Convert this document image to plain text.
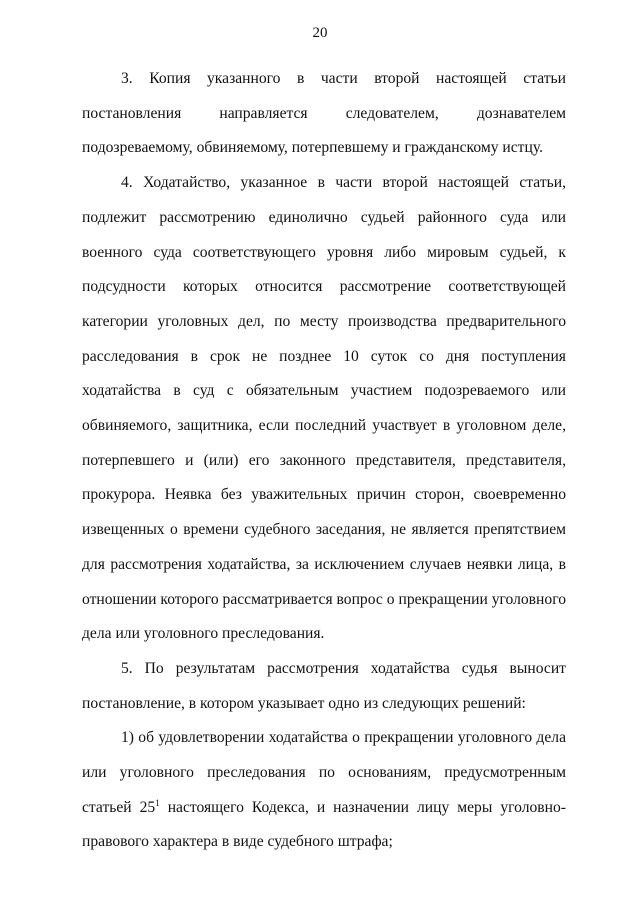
20

3. Копия указанного в части второй настоящей статьи постановления направляется следователем, дознавателем подозреваемому, обвиняемому, потерпевшему и гражданскому истцу.

4. Ходатайство, указанное в части второй настоящей статьи, подлежит рассмотрению единолично судьей районного суда или военного суда соответствующего уровня либо мировым судьей, к подсудности которых относится рассмотрение соответствующей категории уголовных дел, по месту производства предварительного расследования в срок не позднее 10 суток со дня поступления ходатайства в суд с обязательным участием подозреваемого или обвиняемого, защитника, если последний участвует в уголовном деле, потерпевшего и (или) его законного представителя, представителя, прокурора. Неявка без уважительных причин сторон, своевременно извещенных о времени судебного заседания, не является препятствием для рассмотрения ходатайства, за исключением случаев неявки лица, в отношении которого рассматривается вопрос о прекращении уголовного дела или уголовного преследования.

5. По результатам рассмотрения ходатайства судья выносит постановление, в котором указывает одно из следующих решений:

1) об удовлетворении ходатайства о прекращении уголовного дела или уголовного преследования по основаниям, предусмотренным статьей $25^1$ настоящего Кодекса, и назначении лицу меры уголовно-правового характера в виде судебного штрафа;
